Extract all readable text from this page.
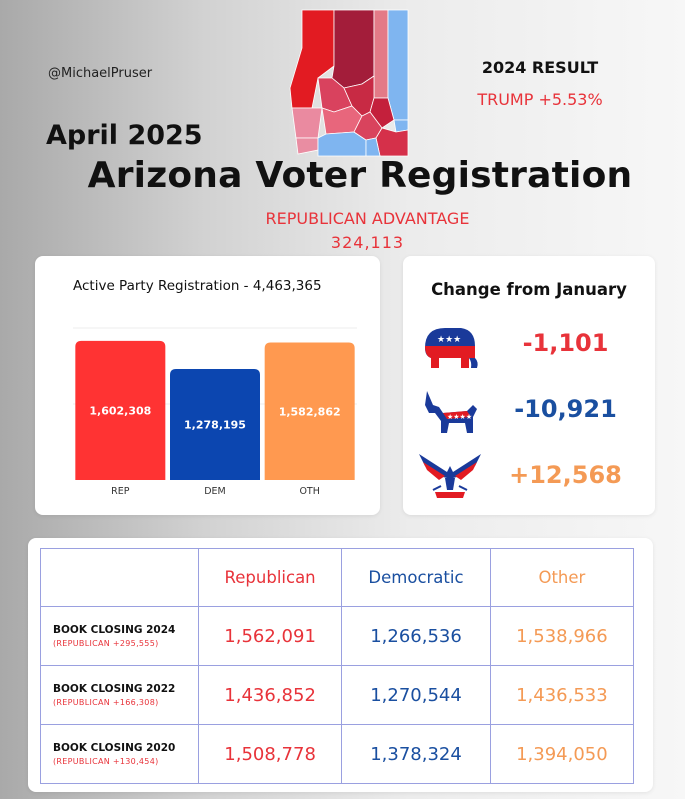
@MichaelPruser	2024 RESULT
TRUMP +5.53%
April 2025
Arizona Voter Registration
REPUBLICAN ADVANTAGE
324,113
1,602,308
REP
1,278,195
DEM
1,582,862
OTH
Active Party Registration - 4,463,365	Change from January
★★★	-1,101
★★★★	-10,921
+12,568
	Republican	Democratic	Other

BOOK CLOSING 2024
(REPUBLICAN +295,555)	1,562,091	1,266,536	1,538,966

BOOK CLOSING 2022
(REPUBLICAN +166,308)	1,436,852	1,270,544	1,436,533

BOOK CLOSING 2020
(REPUBLICAN +130,454)	1,508,778	1,378,324	1,394,050
